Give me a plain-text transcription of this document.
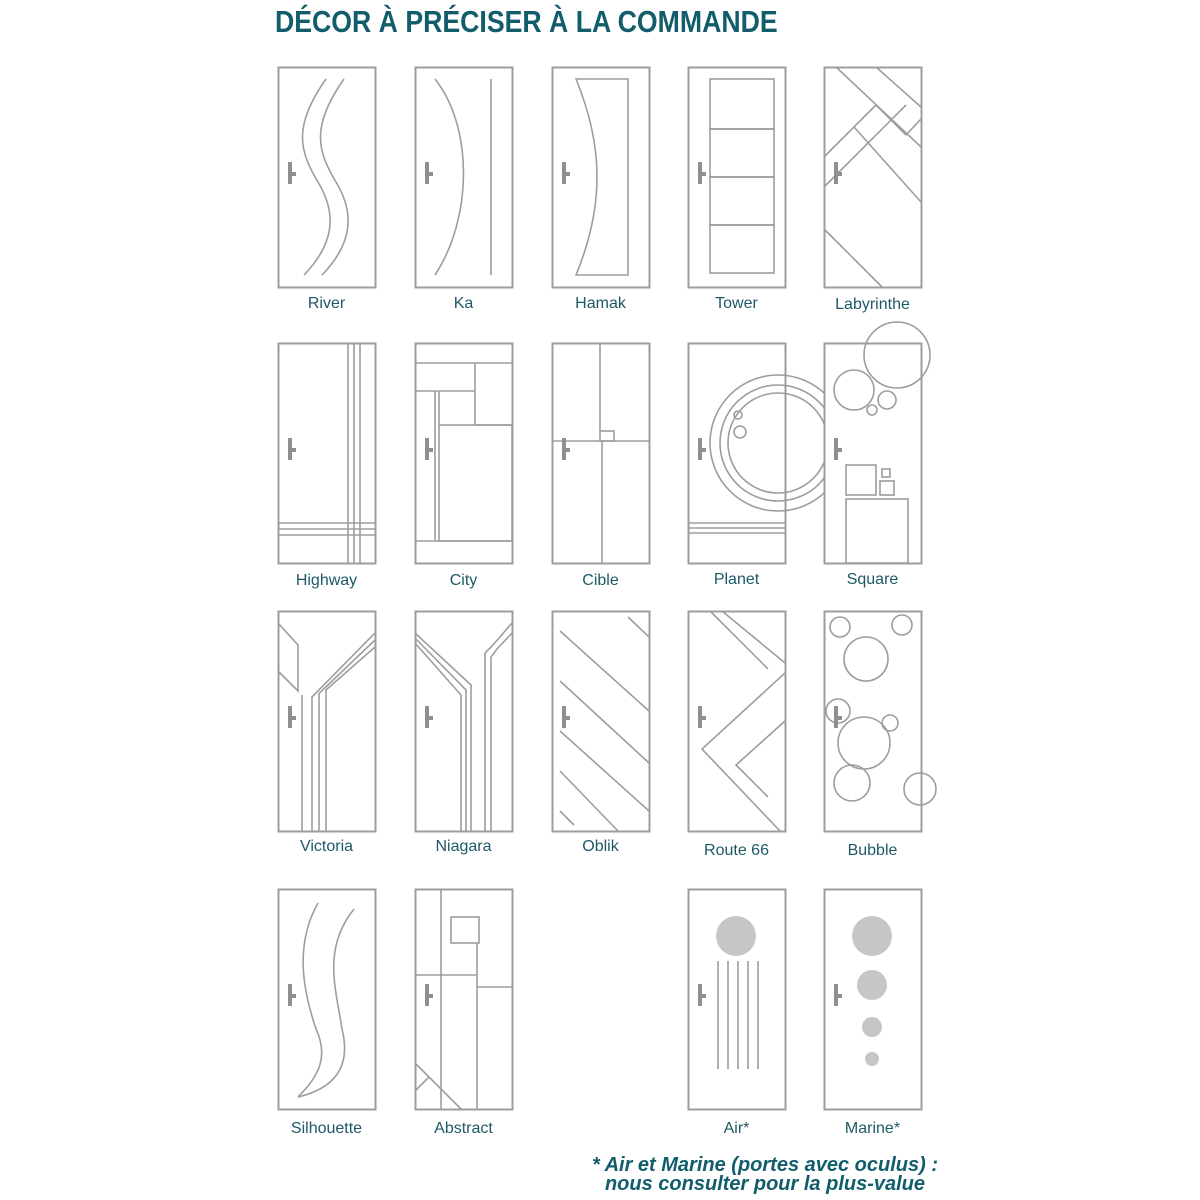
DÉCOR À PRÉCISER À LA COMMANDE
River	Ka	Hamak	Tower	Labyrinthe
Highway	City	Cible	Planet	Square
Victoria	Niagara	Oblik	Route 66	Bubble
Silhouette	Abstract	Air*	Marine*
* Air et Marine (portes avec oculus) :
nous consulter pour la plus-value
